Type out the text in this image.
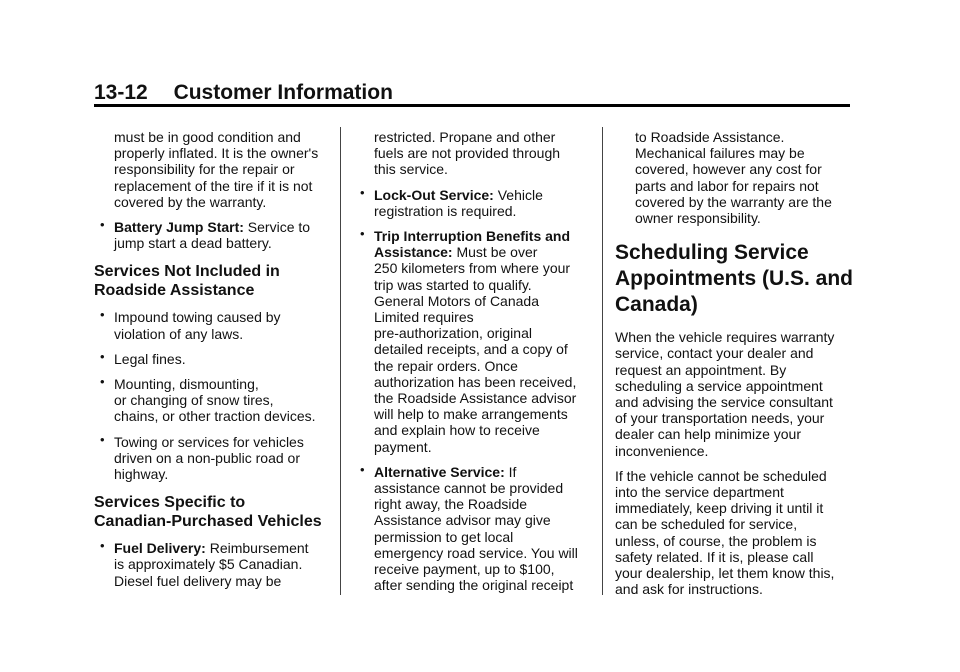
13-12 Customer Information

must be in good condition and
properly inflated. It is the owner's
responsibility for the repair or
replacement of the tire if it is not
covered by the warranty.

• Battery Jump Start: Service to
jump start a dead battery.
Services Not Included in
Roadside Assistance
• Impound towing caused by
violation of any laws.
• Legal fines.
• Mounting, dismounting,
or changing of snow tires,
chains, or other traction devices.
• Towing or services for vehicles
driven on a non-public road or
highway.
Services Specific to
Canadian-Purchased Vehicles
• Fuel Delivery: Reimbursement
is approximately $5 Canadian.
Diesel fuel delivery may be

restricted. Propane and other
fuels are not provided through
this service.

• Lock-Out Service: Vehicle
registration is required.
• Trip Interruption Benefits and
Assistance: Must be over
250 kilometers from where your
trip was started to qualify.
General Motors of Canada
Limited requires
pre-authorization, original
detailed receipts, and a copy of
the repair orders. Once
authorization has been received,
the Roadside Assistance advisor
will help to make arrangements
and explain how to receive
payment.
• Alternative Service: If
assistance cannot be provided
right away, the Roadside
Assistance advisor may give
permission to get local
emergency road service. You will
receive payment, up to $100,
after sending the original receipt

to Roadside Assistance.
Mechanical failures may be
covered, however any cost for
parts and labor for repairs not
covered by the warranty are the
owner responsibility.

Scheduling Service
Appointments (U.S. and
Canada)

When the vehicle requires warranty
service, contact your dealer and
request an appointment. By
scheduling a service appointment
and advising the service consultant
of your transportation needs, your
dealer can help minimize your
inconvenience.

If the vehicle cannot be scheduled
into the service department
immediately, keep driving it until it
can be scheduled for service,
unless, of course, the problem is
safety related. If it is, please call
your dealership, let them know this,
and ask for instructions.
